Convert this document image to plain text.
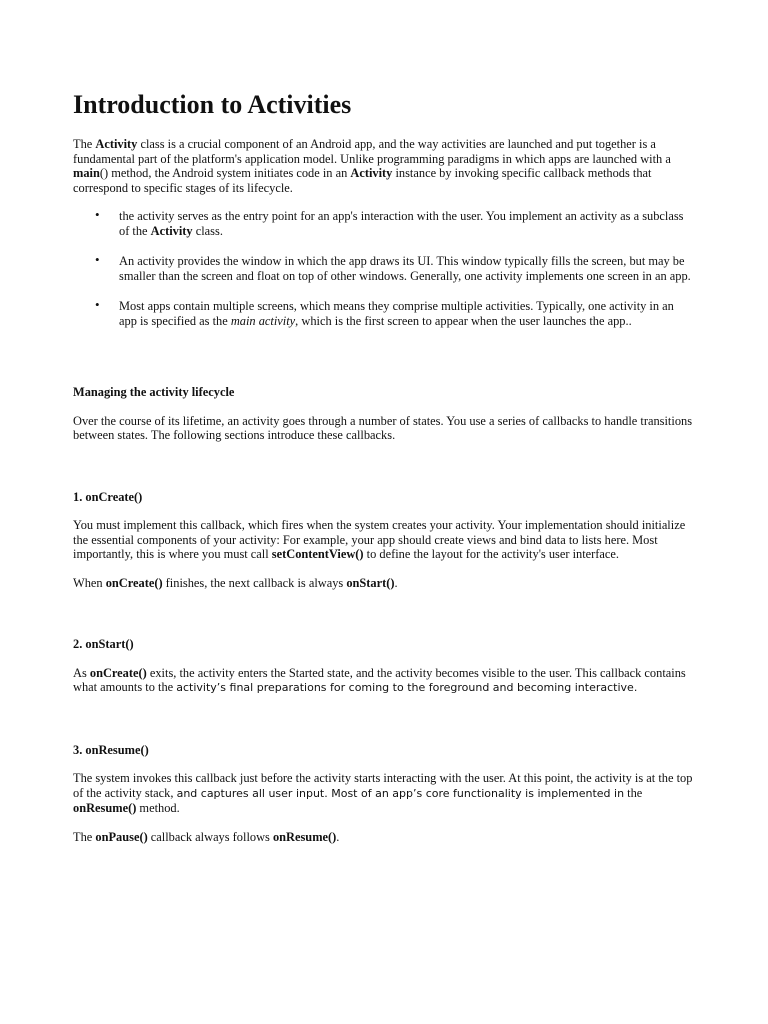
Introduction to Activities

The Activity class is a crucial component of an Android app, and the way activities are launched and put together is a fundamental part of the platform's application model. Unlike programming paradigms in which apps are launched with a main() method, the Android system initiates code in an Activity instance by invoking specific callback methods that correspond to specific stages of its lifecycle.

• the activity serves as the entry point for an app's interaction with the user. You implement an activity as a subclass of the Activity class.
• An activity provides the window in which the app draws its UI. This window typically fills the screen, but may be smaller than the screen and float on top of other windows. Generally, one activity implements one screen in an app.
• Most apps contain multiple screens, which means they comprise multiple activities. Typically, one activity in an app is specified as the main activity, which is the first screen to appear when the user launches the app..
Managing the activity lifecycle

Over the course of its lifetime, an activity goes through a number of states. You use a series of callbacks to handle transitions between states. The following sections introduce these callbacks.

1. onCreate()

You must implement this callback, which fires when the system creates your activity. Your implementation should initialize the essential components of your activity: For example, your app should create views and bind data to lists here. Most importantly, this is where you must call setContentView() to define the layout for the activity's user interface.

When onCreate() finishes, the next callback is always onStart().

2. onStart()

As onCreate() exits, the activity enters the Started state, and the activity becomes visible to the user. This callback contains what amounts to the activity’s final preparations for coming to the foreground and becoming interactive.

3. onResume()

The system invokes this callback just before the activity starts interacting with the user. At this point, the activity is at the top of the activity stack, and captures all user input. Most of an app’s core functionality is implemented in the onResume() method.

The onPause() callback always follows onResume().
